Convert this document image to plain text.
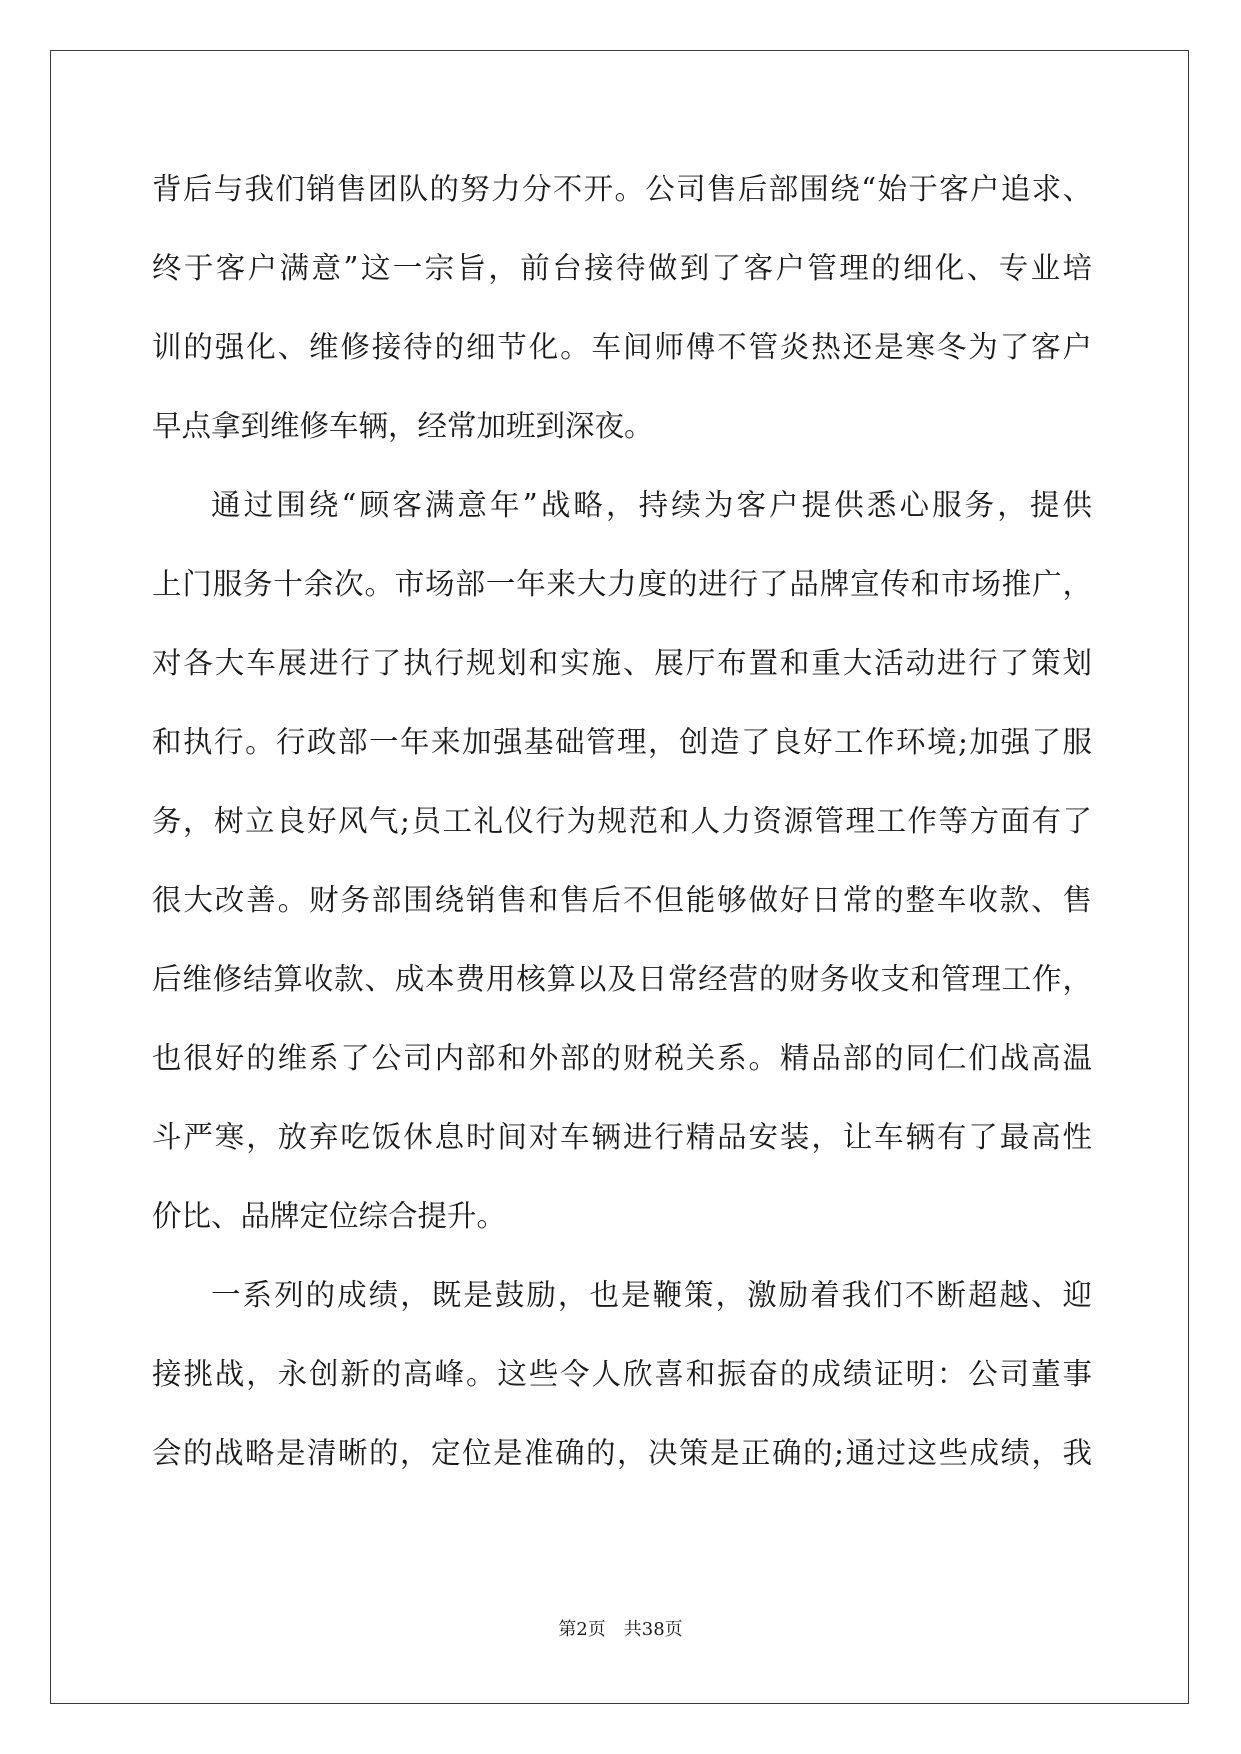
背后与我们销售团队的努力分不开。公司售后部围绕“始于客户追求、

终于客户满意”这一宗旨，前台接待做到了客户管理的细化、专业培

训的强化、维修接待的细节化。车间师傅不管炎热还是寒冬为了客户

早点拿到维修车辆，经常加班到深夜。

通过围绕“顾客满意年”战略，持续为客户提供悉心服务，提供

上门服务十余次。市场部一年来大力度的进行了品牌宣传和市场推广，

对各大车展进行了执行规划和实施、展厅布置和重大活动进行了策划

和执行。行政部一年来加强基础管理，创造了良好工作环境;加强了服

务，树立良好风气;员工礼仪行为规范和人力资源管理工作等方面有了

很大改善。财务部围绕销售和售后不但能够做好日常的整车收款、售

后维修结算收款、成本费用核算以及日常经营的财务收支和管理工作，

也很好的维系了公司内部和外部的财税关系。精品部的同仁们战高温

斗严寒，放弃吃饭休息时间对车辆进行精品安装，让车辆有了最高性

价比、品牌定位综合提升。

一系列的成绩，既是鼓励，也是鞭策，激励着我们不断超越、迎

接挑战，永创新的高峰。这些令人欣喜和振奋的成绩证明：公司董事

会的战略是清晰的，定位是准确的，决策是正确的;通过这些成绩，我

第2页 共38页
